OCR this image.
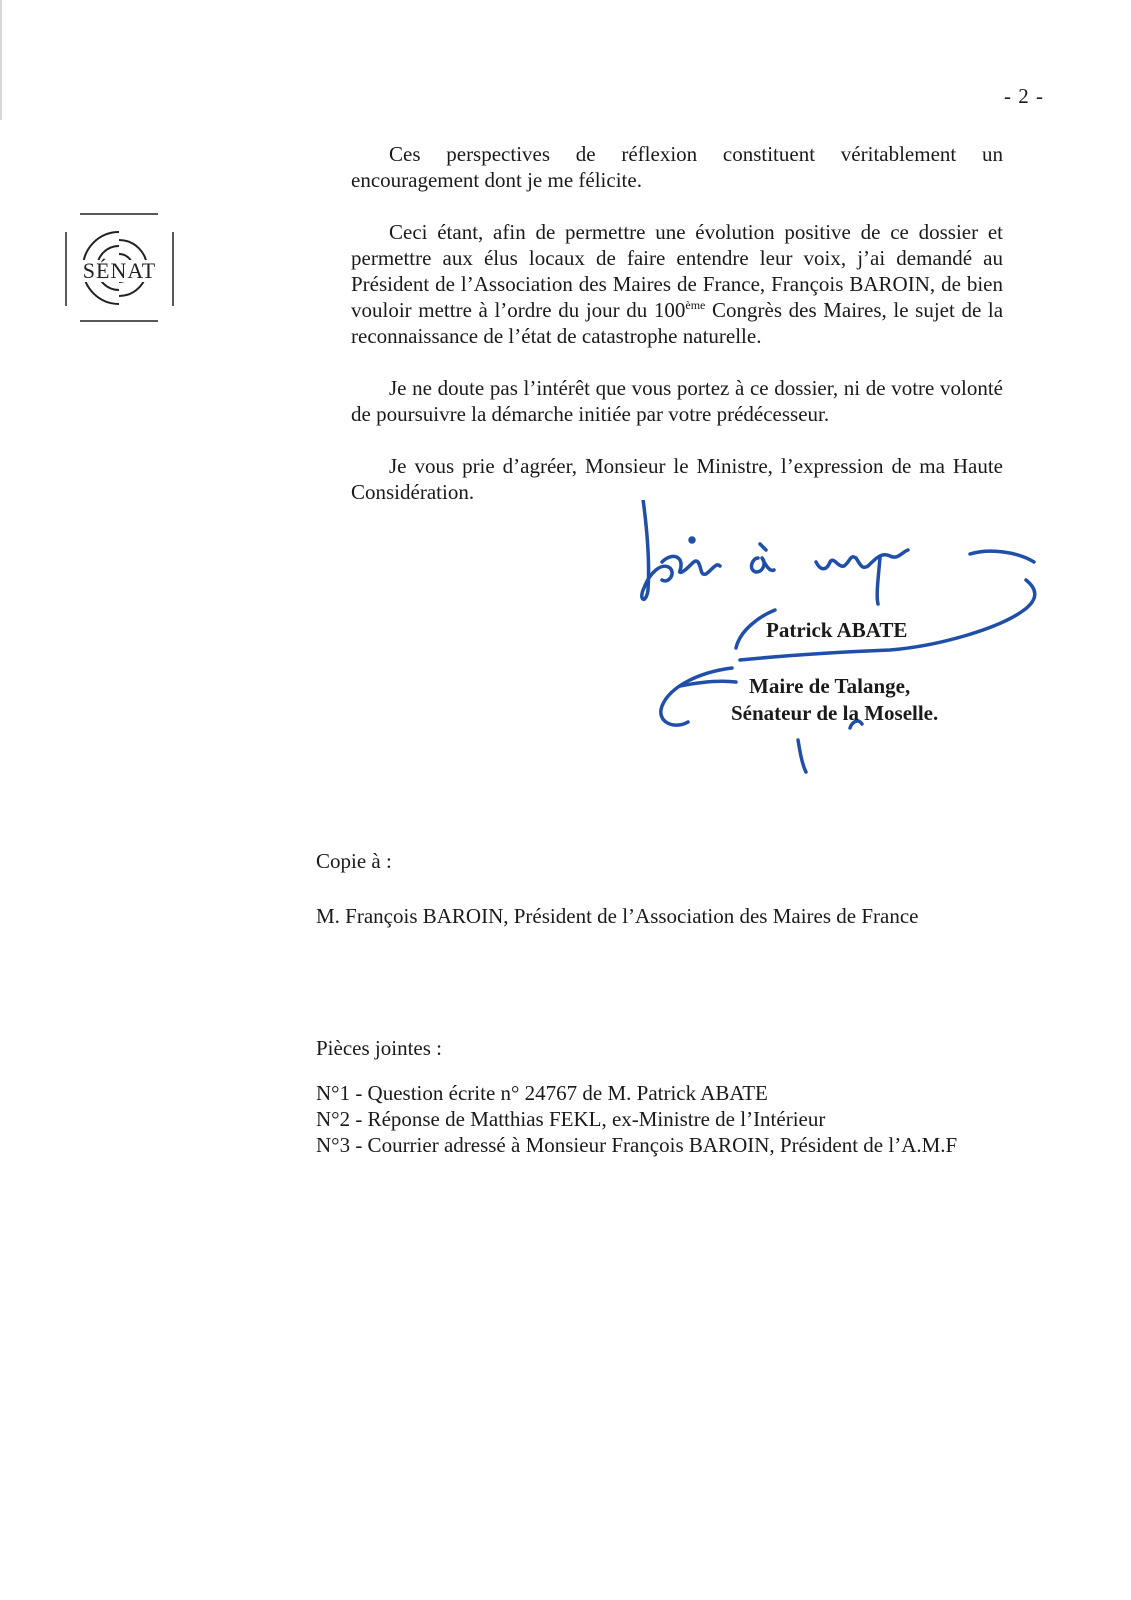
- 2 -
SÉNAT

Ces perspectives de réflexion constituent véritablement un encouragement dont je me félicite.

Ceci étant, afin de permettre une évolution positive de ce dossier et permettre aux élus locaux de faire entendre leur voix, j’ai demandé au Président de l’Association des Maires de France, François BAROIN, de bien vouloir mettre à l’ordre du jour du 100ème Congrès des Maires, le sujet de la reconnaissance de l’état de catastrophe naturelle.

Je ne doute pas l’intérêt que vous portez à ce dossier, ni de votre volonté de poursuivre la démarche initiée par votre prédécesseur.

Je vous prie d’agréer, Monsieur le Ministre, l’expression de ma Haute Considération.

Patrick ABATE
Maire de Talange,
Sénateur de la Moselle.
Copie à :
M. François BAROIN, Président de l’Association des Maires de France
Pièces jointes :
N°1 - Question écrite n° 24767 de M. Patrick ABATE
N°2 - Réponse de Matthias FEKL, ex-Ministre de l’Intérieur
N°3 - Courrier adressé à Monsieur François BAROIN, Président de l’A.M.F
